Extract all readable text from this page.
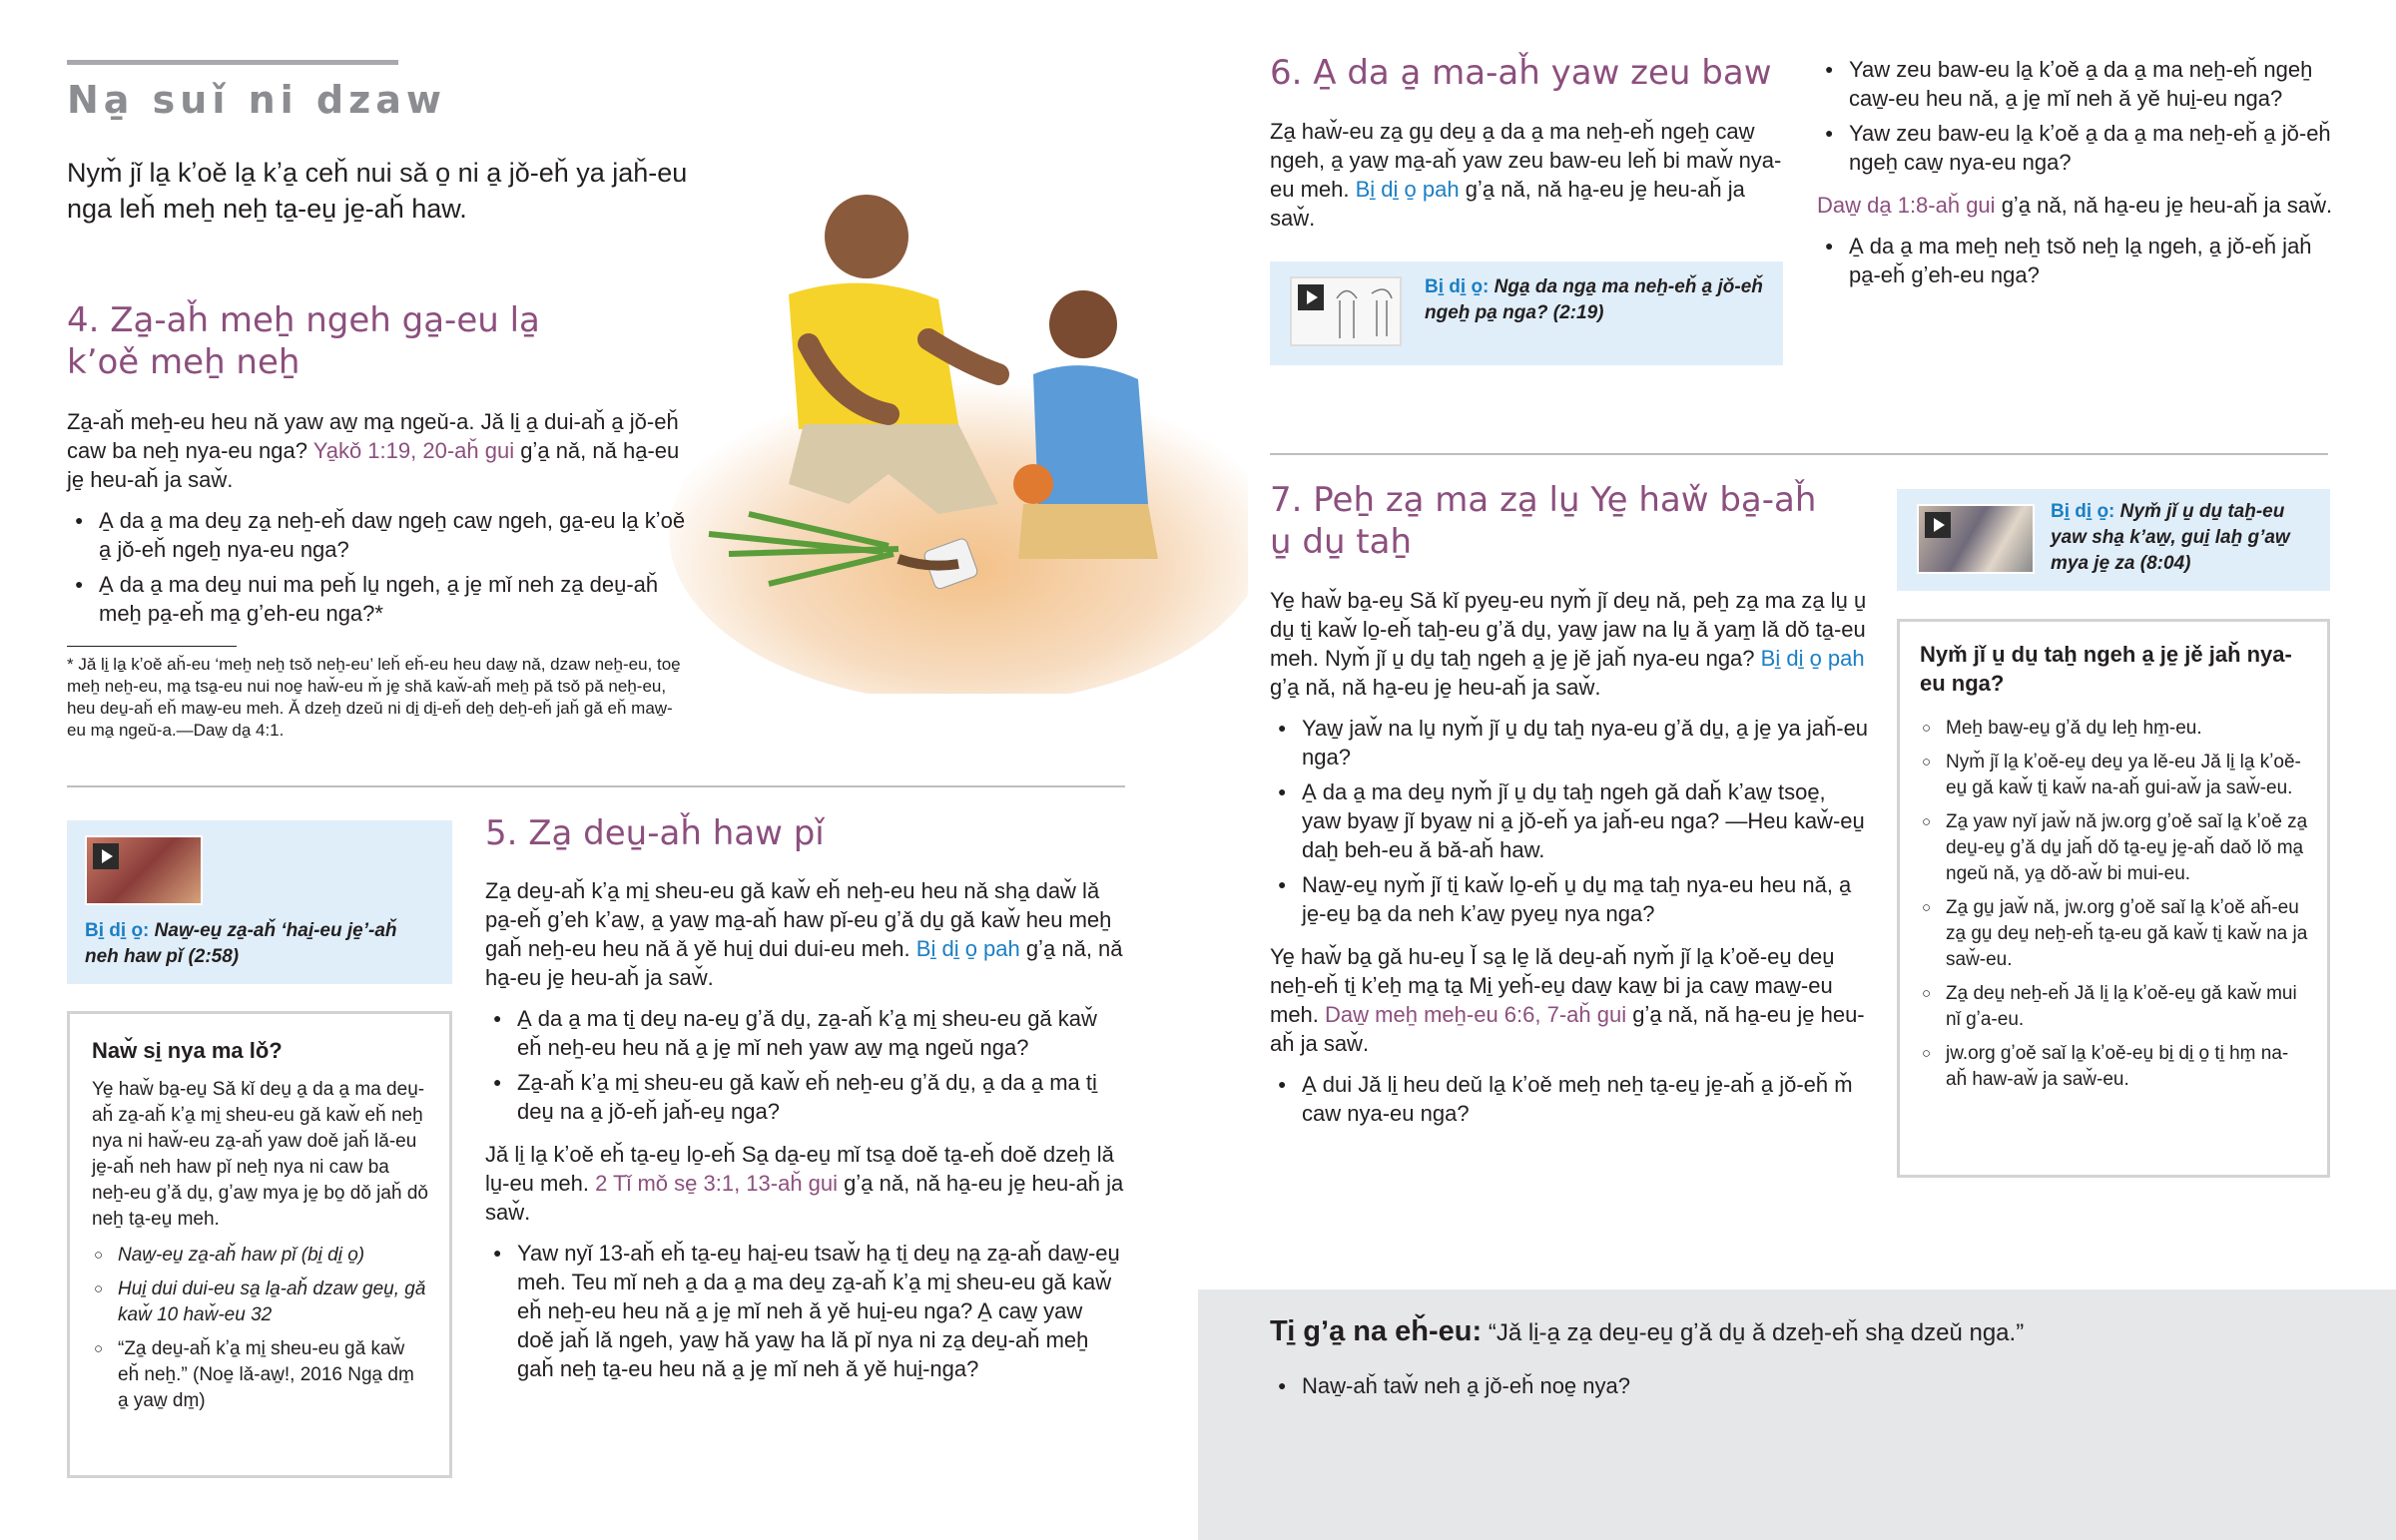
Na̱ suǐ ni dzaw
Nym̌ jǐ la̱ kʼoě la̱ kʼa̱ ceȟ nui sǎ o̱ ni a̱ jǒ-eȟ ya jaȟ-eu nga leȟ meẖ neẖ ta̱-eu̱ je̱-aȟ haw.
4. Za̱-aȟ meẖ ngeh ga̱-eu la̱ kʼoě meẖ neẖ

Za̱-aȟ meẖ-eu heu nǎ yaw aw̱ ma̱ ngeǔ-a. Jǎ li̱ a̱ dui-aȟ a̱ jǒ-eȟ caw ba neẖ nya-eu nga? Ya̱kǒ 1:19, 20-aȟ gui gʼa̱ nǎ, nǎ ha̱-eu je̱ heu-aȟ ja saw̌.

● A̱ da a̱ ma deu̱ za̱ neẖ-eȟ daw̱ ngeẖ caw̱ ngeh, ga̱-eu la̱ kʼoě a̱ jǒ-eȟ ngeẖ nya-eu nga?
● A̱ da a̱ ma deu̱ nui ma peȟ lu̱ ngeh, a̱ je̱ mǐ neh za̱ deu̱-aȟ meẖ pa̱-eȟ ma̱ gʼeh-eu nga?*
* Jǎ li̱ la̱ kʼoě aȟ-eu ‘meẖ neẖ tsǒ neẖ-eu’ leȟ eȟ-eu heu daw̱ nǎ, dzaw neẖ-eu, toe̱ meẖ neẖ-eu, ma̱ tsa̱-eu nui noe̱ haw̌-eu m̌ je̱ shǎ kaw̌-aȟ meẖ pǎ tsǒ pǎ neẖ-eu, heu deu̱-aȟ eȟ maw̱-eu meh. Ǎ dzeẖ dzeǔ ni di̱ di̱-eȟ deẖ deẖ-eȟ jaȟ gǎ eȟ maw̱-eu ma̱ ngeǔ-a.—Daw̱ da̱ 4:1.
Bi̱ di̱ o̱: Naw̱-eu̱ za̱-aȟ ‘hai̱-eu je̱’-aȟ neh haw pǐ (2:58)
Naw̌ si̱ nya ma lǒ?

Ye̱ haw̌ ba̱-eu̱ Sǎ kǐ deu̱ a̱ da a̱ ma deu̱-aȟ za̱-aȟ kʼa̱ mi̱ sheu-eu gǎ kaw̌ eȟ neẖ nya ni haw̌-eu za̱-aȟ yaw doě jaȟ lǎ-eu je̱-aȟ neh haw pǐ neẖ nya ni caw ba neẖ-eu gʼǎ du̱, gʼaw̱ mya je̱ bo̱ dǒ jaȟ dǒ neẖ ta̱-eu̱ meh.

○ Naw̱-eu̱ za̱-aȟ haw pǐ (bi̱ di̱ o̱)
○ Hui̱ dui dui-eu sa̱ la̱-aȟ dzaw geu̱, gǎ kaw̌ 10 haw̌-eu 32
○ “Za̱ deu̱-aȟ kʼa̱ mi̱ sheu-eu gǎ kaw̌ eȟ neẖ.” (Noe̱ lǎ-aw̱!, 2016 Nga̱ dm̱ a̱ yaw̱ dm̱)
5. Za̱ deu̱-aȟ haw pǐ

Za̱ deu̱-aȟ kʼa̱ mi̱ sheu-eu gǎ kaw̌ eȟ neẖ-eu heu nǎ sha̱ daw̌ lǎ pa̱-eȟ gʼeh kʼaw̱, a̱ yaw̱ ma̱-aȟ haw pǐ-eu gʼǎ du̱ gǎ kaw̌ heu meẖ gaȟ neẖ-eu heu nǎ ǎ yě hui̱ dui dui-eu meh. Bi̱ di̱ o̱ pah gʼa̱ nǎ, nǎ ha̱-eu je̱ heu-aȟ ja saw̌.

● A̱ da a̱ ma ti̱ deu̱ na-eu̱ gʼǎ du̱, za̱-aȟ kʼa̱ mi̱ sheu-eu gǎ kaw̌ eȟ neẖ-eu heu nǎ a̱ je̱ mǐ neh yaw aw̱ ma̱ ngeǔ nga?
● Za̱-aȟ kʼa̱ mi̱ sheu-eu gǎ kaw̌ eȟ neẖ-eu gʼǎ du̱, a̱ da a̱ ma ti̱ deu̱ na a̱ jǒ-eȟ jaȟ-eu̱ nga?

Jǎ li̱ la̱ kʼoě eȟ ta̱-eu̱ lo̱-eȟ Sa̱ da̱-eu̱ mǐ tsa̱ doě ta̱-eȟ doě dzeẖ lǎ lu̱-eu meh. 2 Tǐ mǒ se̱ 3:1, 13-aȟ gui gʼa̱ nǎ, nǎ ha̱-eu je̱ heu-aȟ ja saw̌.

● Yaw nyǐ 13-aȟ eȟ ta̱-eu̱ hai̱-eu tsaw̌ ha̱ ti̱ deu̱ na̱ za̱-aȟ daw̱-eu̱ meh. Teu mǐ neh a̱ da a̱ ma deu̱ za̱-aȟ kʼa̱ mi̱ sheu-eu gǎ kaw̌ eȟ neẖ-eu heu nǎ a̱ je̱ mǐ neh ǎ yě hui̱-eu nga? A̱ caw̱ yaw doě jaȟ lǎ ngeh, yaw̱ hǎ yaw̱ ha lǎ pǐ nya ni za̱ deu̱-aȟ meẖ gaȟ neẖ ta̱-eu heu nǎ a̱ je̱ mǐ neh ǎ yě hui̱-nga?
6. A̱ da a̱ ma-aȟ yaw zeu baw

Za̱ haw̌-eu za̱ gu̱ deu̱ a̱ da a̱ ma neẖ-eȟ ngeẖ caw̱ ngeh, a̱ yaw̱ ma̱-aȟ yaw zeu baw-eu leȟ bi maw̌ nya-eu meh. Bi̱ di̱ o̱ pah gʼa̱ nǎ, nǎ ha̱-eu je̱ heu-aȟ ja saw̌.

Bi̱ di̱ o̱: Nga̱ da nga̱ ma neẖ-eȟ a̱ jǒ-eȟ ngeẖ pa̱ nga? (2:19)
● Yaw zeu baw-eu la̱ kʼoě a̱ da a̱ ma neẖ-eȟ ngeẖ caw̱-eu heu nǎ, a̱ je̱ mǐ neh ǎ yě hui̱-eu nga?
● Yaw zeu baw-eu la̱ kʼoě a̱ da a̱ ma neẖ-eȟ a̱ jǒ-eȟ ngeẖ caw̱ nya-eu nga?

Daw̱ da̱ 1:8-aȟ gui gʼa̱ nǎ, nǎ ha̱-eu je̱ heu-aȟ ja saw̌.

● A̱ da a̱ ma meẖ neẖ tsǒ neẖ la̱ ngeh, a̱ jǒ-eȟ jaȟ pa̱-eȟ gʼeh-eu nga?
7. Peẖ za̱ ma za̱ lu̱ Ye̱ haw̌ ba̱-aȟ u̱ du̱ taẖ

Ye̱ haw̌ ba̱-eu̱ Sǎ kǐ pyeu̱-eu nym̌ jǐ deu̱ nǎ, peẖ za̱ ma za̱ lu̱ u̱ du̱ ti̱ kaw̌ lo̱-eȟ taẖ-eu gʼǎ du̱, yaw̱ jaw na lu̱ ǎ yam̱ lǎ dǒ ta̱-eu meh. Nym̌ jǐ u̱ du̱ taẖ ngeh a̱ je̱ jě jaȟ nya-eu nga? Bi̱ di̱ o̱ pah gʼa̱ nǎ, nǎ ha̱-eu je̱ heu-aȟ ja saw̌.

● Yaw̱ jaw̌ na lu̱ nym̌ jǐ u̱ du̱ taẖ nya-eu gʼǎ du̱, a̱ je̱ ya jaȟ-eu nga?
● A̱ da a̱ ma deu̱ nym̌ jǐ u̱ du̱ taẖ ngeh gǎ daȟ kʼaw̱ tsoe̱, yaw byaw̱ jǐ byaw̱ ni a̱ jǒ-eȟ ya jaȟ-eu nga? —Heu kaw̌-eu̱ daẖ beh-eu ǎ bǎ-aȟ haw.
● Naw̱-eu̱ nym̌ jǐ ti̱ kaw̌ lo̱-eȟ u̱ du̱ ma̱ taẖ nya-eu heu nǎ, a̱ je̱-eu̱ ba̱ da neh kʼaw̱ pyeu̱ nya nga?

Ye̱ haw̌ ba̱ gǎ hu-eu̱ Ǐ sa̱ le̱ lǎ deu̱-aȟ nym̌ jǐ la̱ kʼoě-eu̱ deu̱ neẖ-eȟ ti̱ kʼeẖ ma̱ ta̱ Mi̱ yeȟ-eu̱ daw̱ kaw̱ bi ja caw̱ maw̱-eu meh. Daw̱ meẖ meẖ-eu 6:6, 7-aȟ gui gʼa̱ nǎ, nǎ ha̱-eu je̱ heu-aȟ ja saw̌.

● A̱ dui Jǎ li̱ heu deǔ la̱ kʼoě meẖ neẖ ta̱-eu̱ je̱-aȟ a̱ jǒ-eȟ m̌ caw nya-eu nga?
Bi̱ di̱ o̱: Nym̌ jǐ u̱ du̱ taẖ-eu yaw sha̱ kʼaw̱, gui̱ laẖ gʼaw̱ mya je̱ za (8:04)
Nym̌ jǐ u̱ du̱ taẖ ngeh a̱ je̱ jě jaȟ nya-eu nga?
○ Meẖ baw̱-eu̱ gʼǎ du̱ leẖ hm̱-eu.
○ Nym̌ jǐ la̱ kʼoě-eu̱ deu̱ ya lě-eu Jǎ li̱ la̱ kʼoě-eu̱ gǎ kaw̌ ti̱ kaw̌ na-aȟ gui-aw̌ ja saw̌-eu.
○ Za̱ yaw nyǐ jaw̌ nǎ jw.org gʼoě saǐ la̱ kʼoě za̱ deu̱-eu̱ gʼǎ du̱ jaȟ dǒ ta̱-eu̱ je̱-aȟ daǒ lǒ ma̱ ngeǔ nǎ, ya̱ dǒ-aw̌ bi mui-eu.
○ Za̱ gu̱ jaw̌ nǎ, jw.org gʼoě saǐ la̱ kʼoě aȟ-eu za̱ gu̱ deu̱ neẖ-eȟ ta̱-eu gǎ kaw̌ ti̱ kaw̌ na ja saw̌-eu.
○ Za̱ deu̱ neẖ-eȟ Jǎ li̱ la̱ kʼoě-eu̱ gǎ kaw̌ mui nǐ gʼa-eu.
○ jw.org gʼoě saǐ la̱ kʼoě-eu̱ bi̱ di̱ o̱ ti̱ hm̱ na-aȟ haw-aw̌ ja saw̌-eu.

Ti̱ gʼa̱ na eȟ-eu: “Jǎ li̱-a̱ za̱ deu̱-eu̱ gʼǎ du̱ ǎ dzeẖ-eȟ sha̱ dzeǔ nga.”

● Naw̱-aȟ taw̌ neh a̱ jǒ-eȟ noe̱ nya?
